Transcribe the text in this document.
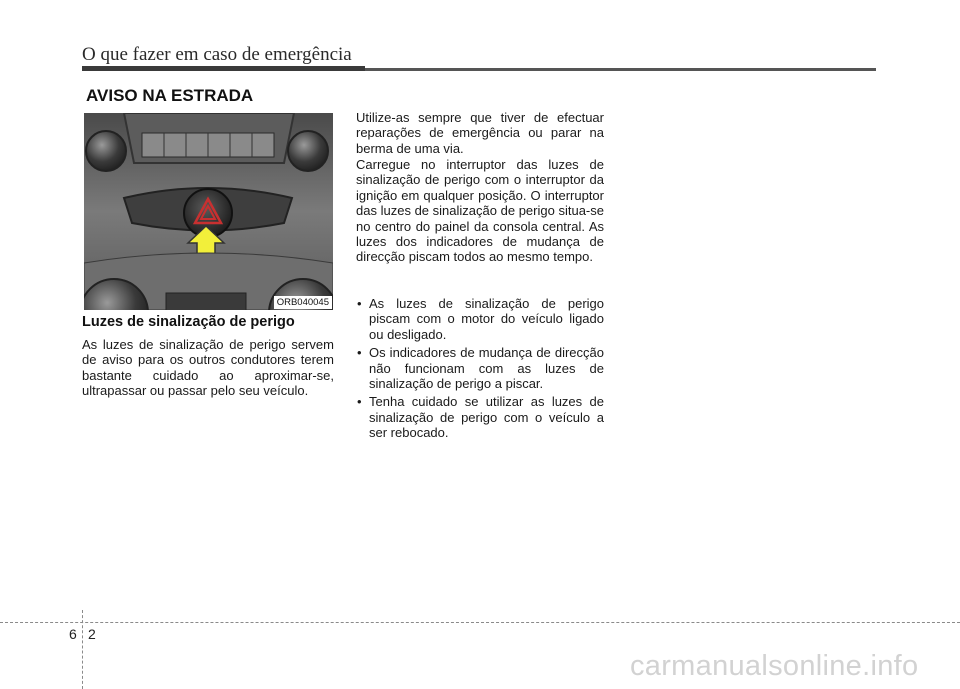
O que fazer em caso de emergência
AVISO NA ESTRADA
ORB040045
Luzes de sinalização de perigo
As luzes de sinalização de perigo servem de aviso para os outros condutores terem bastante cuidado ao aproximar-se, ultrapassar ou passar pelo seu veículo.
Utilize-as sempre que tiver de efectuar reparações de emergência ou parar na berma de uma via.
Carregue no interruptor das luzes de sinalização de perigo com o interruptor da ignição em qualquer posição. O interruptor das luzes de sinalização de perigo situa-se no centro do painel da consola central. As luzes dos indicadores de mudança de direcção piscam todos ao mesmo tempo.
• As luzes de sinalização de perigo piscam com o motor do veículo ligado ou desligado.
• Os indicadores de mudança de direcção não funcionam com as luzes de sinalização de perigo a piscar.
• Tenha cuidado se utilizar as luzes de sinalização de perigo com o veículo a ser rebocado.
6 2
carmanualsonline.info
